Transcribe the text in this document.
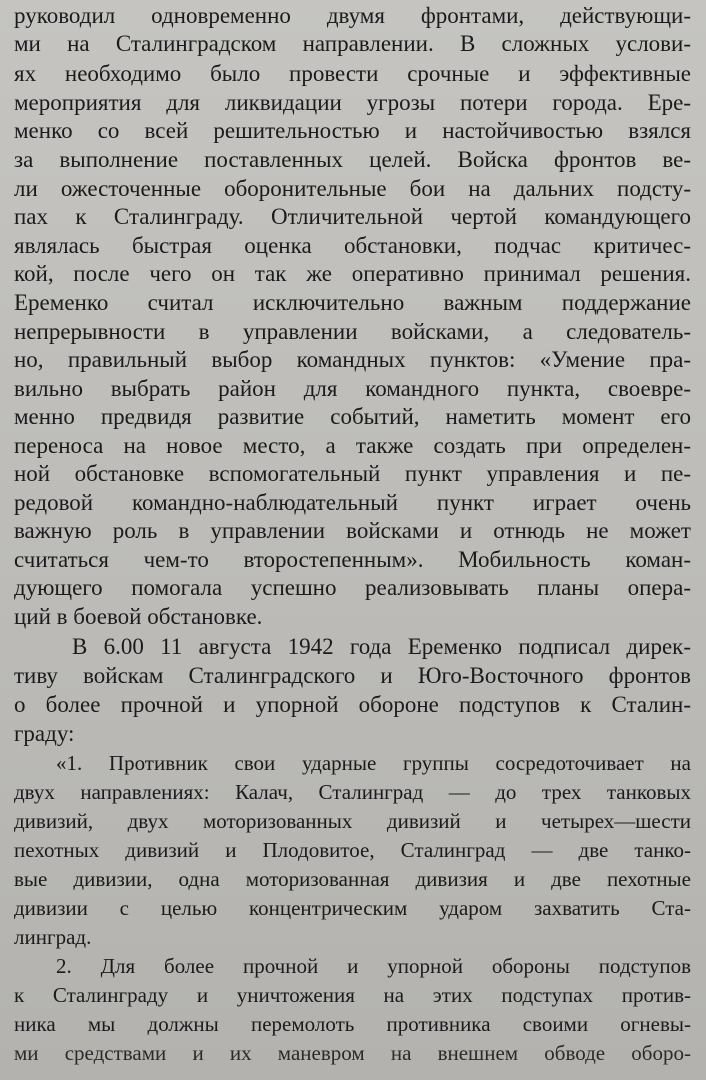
руководил одновременно двумя фронтами, действующи-
ми на Сталинградском направлении. В сложных услови-
ях необходимо было провести срочные и эффективные
мероприятия для ликвидации угрозы потери города. Ере-
менко со всей решительностью и настойчивостью взялся
за выполнение поставленных целей. Войска фронтов ве-
ли ожесточенные оборонительные бои на дальних подсту-
пах к Сталинграду. Отличительной чертой командующего
являлась быстрая оценка обстановки, подчас критичес-
кой, после чего он так же оперативно принимал решения.
Еременко считал исключительно важным поддержание
непрерывности в управлении войсками, а следователь-
но, правильный выбор командных пунктов: «Умение пра-
вильно выбрать район для командного пункта, своевре-
менно предвидя развитие событий, наметить момент его
переноса на новое место, а также создать при определен-
ной обстановке вспомогательный пункт управления и пе-
редовой командно-наблюдательный пункт играет очень
важную роль в управлении войсками и отнюдь не может
считаться чем-то второстепенным». Мобильность коман-
дующего помогала успешно реализовывать планы опера-
ций в боевой обстановке.
В 6.00 11 августа 1942 года Еременко подписал дирек-
тиву войскам Сталинградского и Юго-Восточного фронтов
о более прочной и упорной обороне подступов к Сталин-
граду:
«1. Противник свои ударные группы сосредоточивает на
двух направлениях: Калач, Сталинград — до трех танковых
дивизий, двух моторизованных дивизий и четырех—шести
пехотных дивизий и Плодовитое, Сталинград — две танко-
вые дивизии, одна моторизованная дивизия и две пехотные
дивизии с целью концентрическим ударом захватить Ста-
линград.
2. Для более прочной и упорной обороны подступов
к Сталинграду и уничтожения на этих подступах против-
ника мы должны перемолоть противника своими огневы-
ми средствами и их маневром на внешнем обводе оборо-
